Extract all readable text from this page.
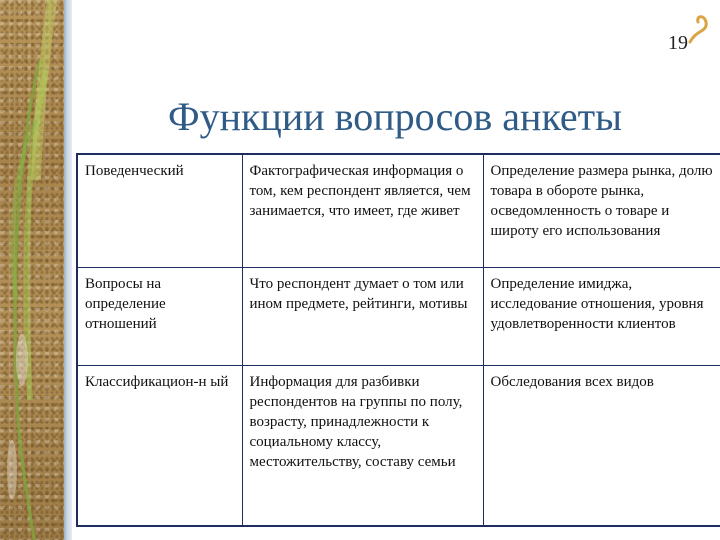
19
Функции вопросов анкеты
Поведенческий	Фактографическая информация о том, кем респондент является, чем занимается, что имеет, где живет	Определение размера рынка, долю товара в обороте рынка, осведомленность о товаре и широту его использования
Вопросы на определение отношений	Что респондент думает о том или ином предмете, рейтинги, мотивы	Определение имиджа, исследование отношения, уровня удовлетворенности клиентов
Классификацион-н ый	Информация для разбивки респондентов на группы по полу, возрасту, принадлежности к социальному классу, местожительству, составу семьи	Обследования всех видов
